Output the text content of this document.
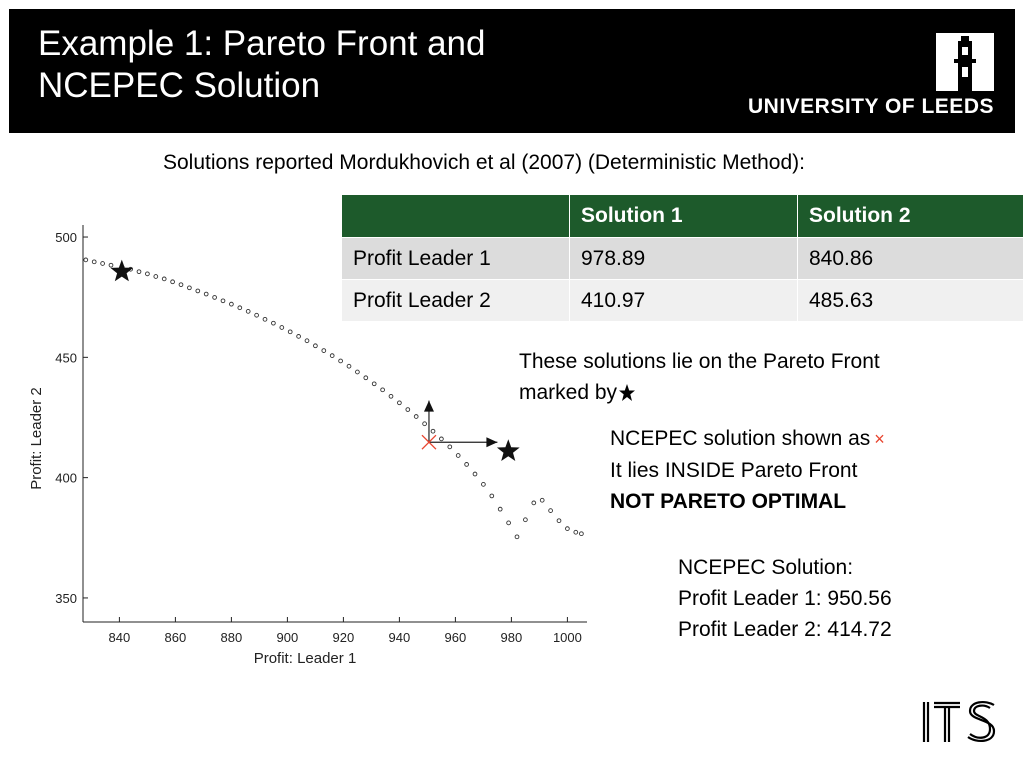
Example 1: Pareto Front and
NCEPEC Solution
UNIVERSITY OF LEEDS
Solutions reported Mordukhovich et al (2007) (Deterministic Method):
	Solution 1	Solution 2
Profit Leader 1	978.89	840.86
Profit Leader 2	410.97	485.63
840	860	880	900	920	940	960	980 1000
350
400
450
500
Profit: Leader 1
Profit: Leader 2
These solutions lie on the Pareto Front
marked by
NCEPEC solution shown as ×
It lies INSIDE Pareto Front
NOT PARETO OPTIMAL
NCEPEC Solution:
Profit Leader 1: 950.56
Profit Leader 2: 414.72
